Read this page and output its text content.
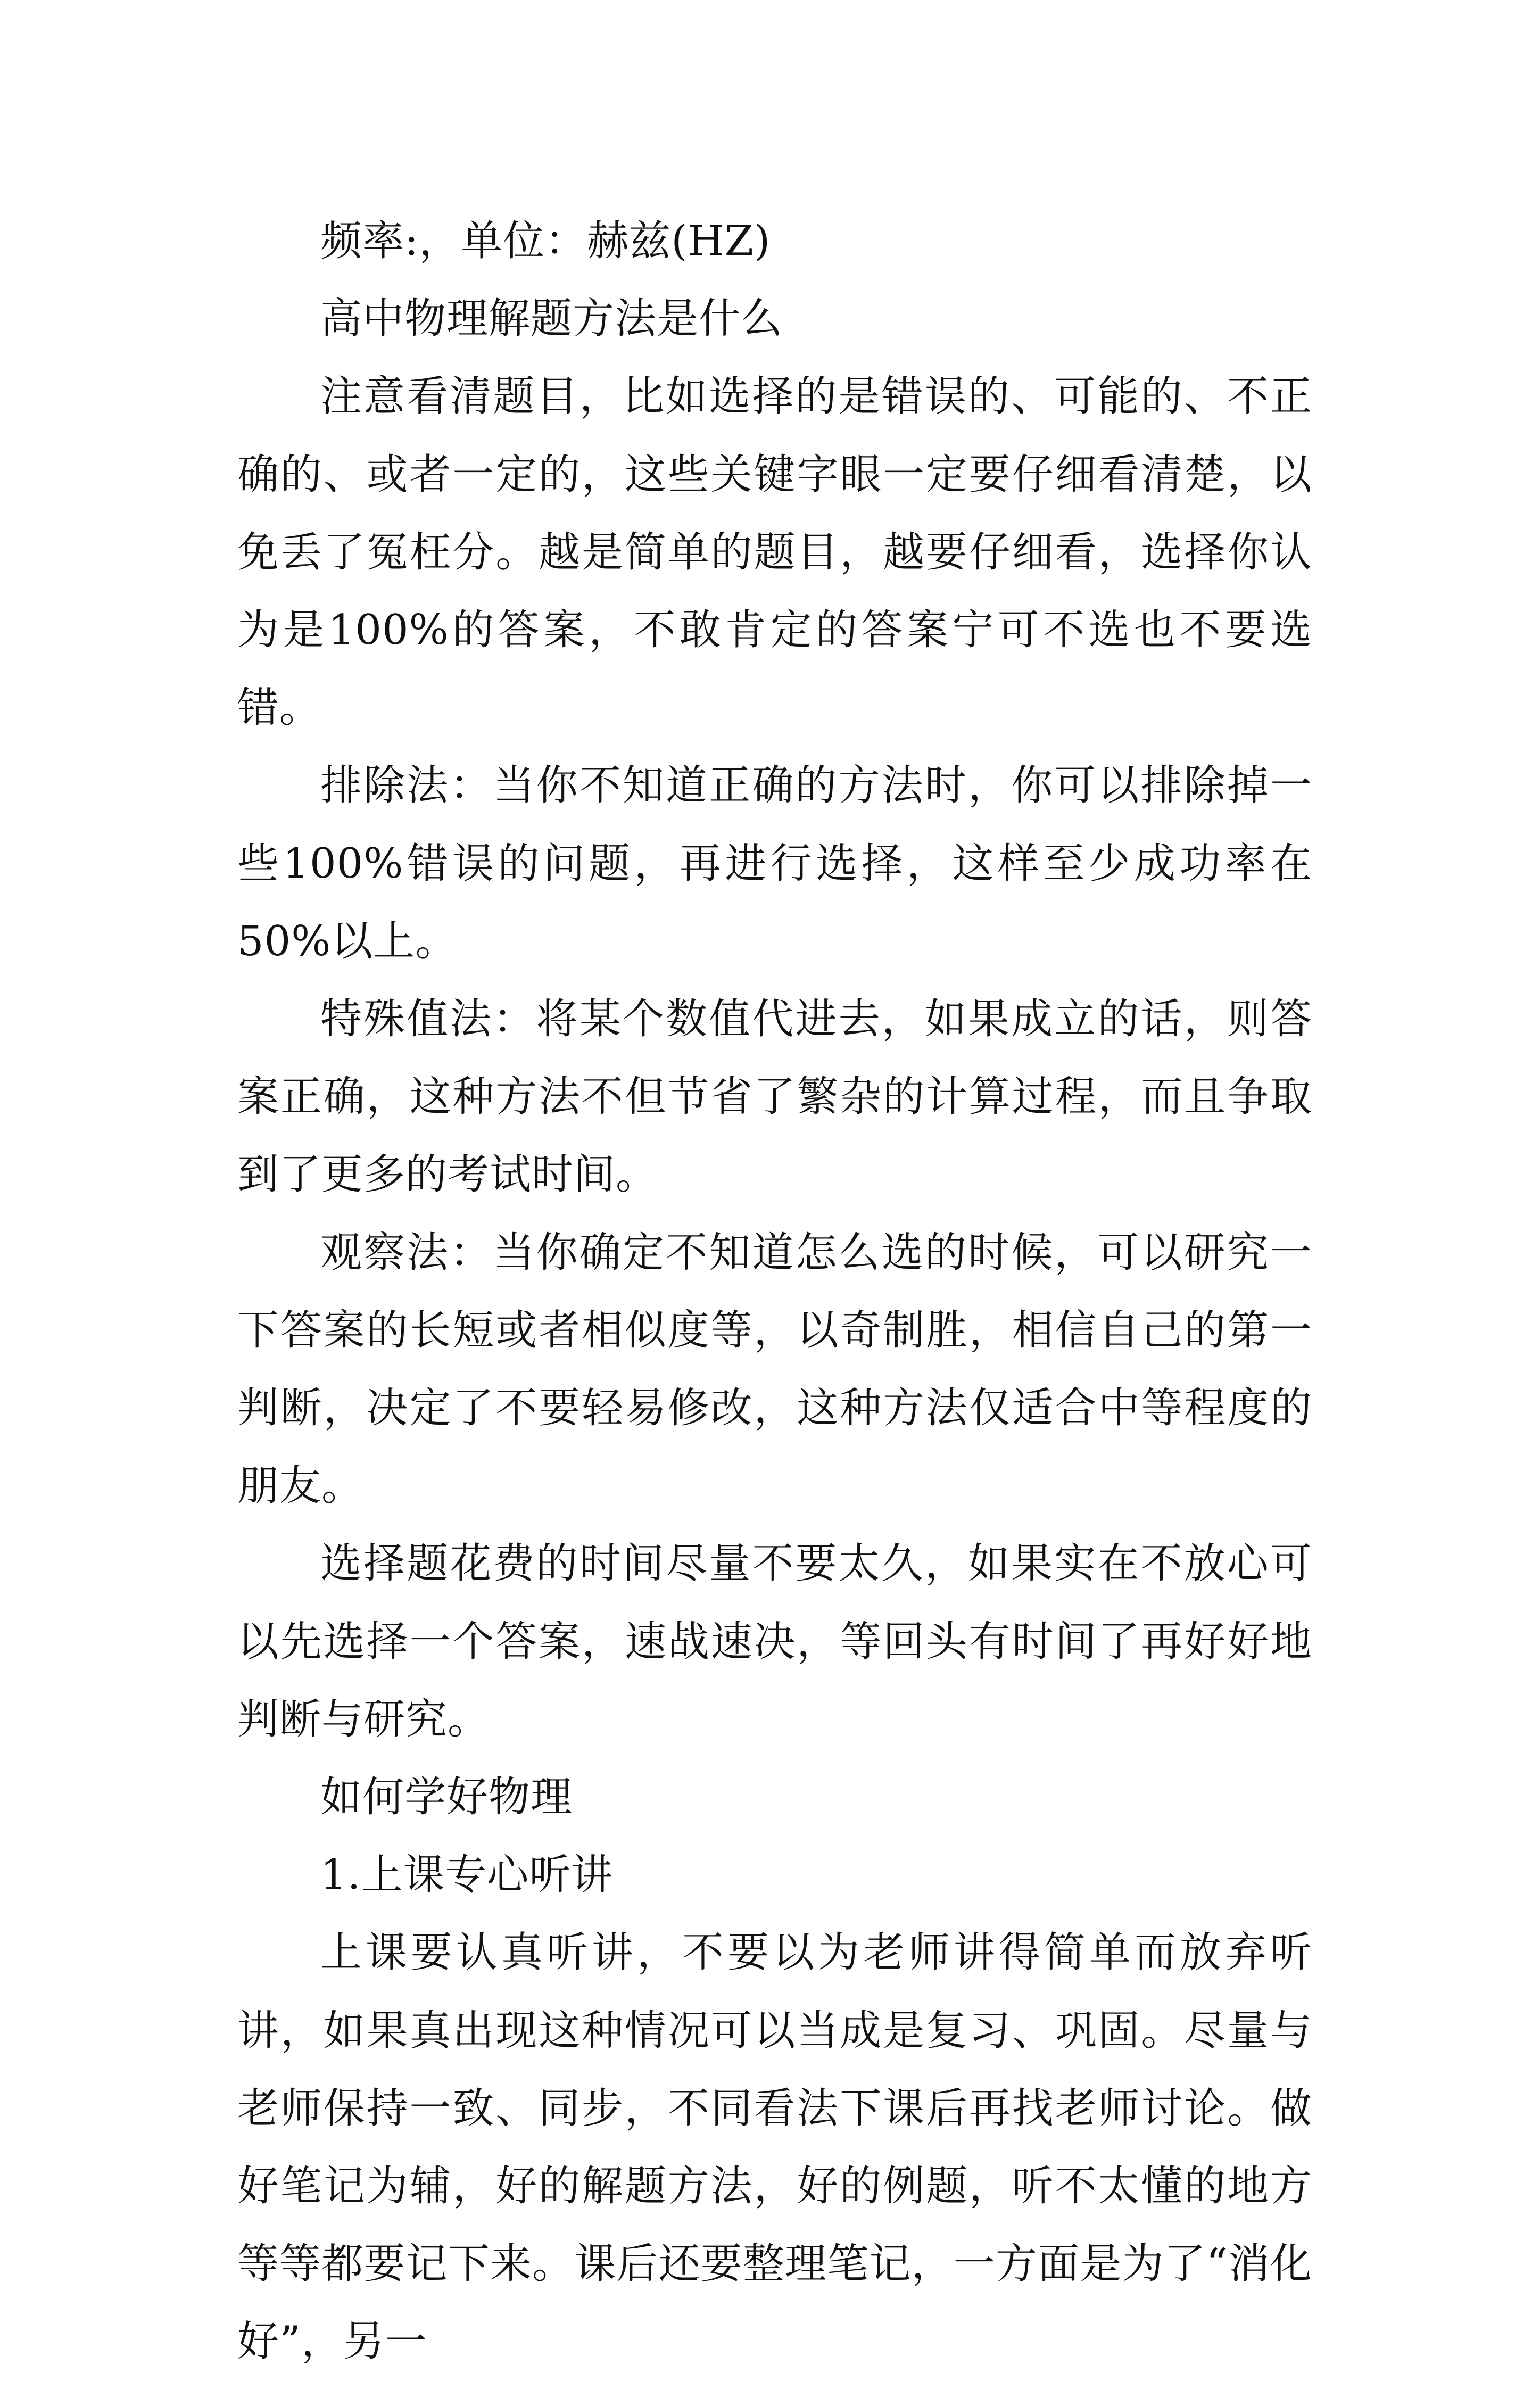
频率:，单位：赫兹(HZ)

高中物理解题方法是什么

注意看清题目，比如选择的是错误的、可能的、不正确的、或者一定的，这些关键字眼一定要仔细看清楚，以免丢了冤枉分。越是简单的题目，越要仔细看，选择你认为是100%的答案，不敢肯定的答案宁可不选也不要选错。

排除法：当你不知道正确的方法时，你可以排除掉一些100%错误的问题，再进行选择，这样至少成功率在50%以上。

特殊值法：将某个数值代进去，如果成立的话，则答案正确，这种方法不但节省了繁杂的计算过程，而且争取到了更多的考试时间。

观察法：当你确定不知道怎么选的时候，可以研究一下答案的长短或者相似度等，以奇制胜，相信自己的第一判断，决定了不要轻易修改，这种方法仅适合中等程度的朋友。

选择题花费的时间尽量不要太久，如果实在不放心可以先选择一个答案，速战速决，等回头有时间了再好好地判断与研究。

如何学好物理

1.上课专心听讲

上课要认真听讲，不要以为老师讲得简单而放弃听讲，如果真出现这种情况可以当成是复习、巩固。尽量与老师保持一致、同步，不同看法下课后再找老师讨论。做好笔记为辅，好的解题方法，好的例题，听不太懂的地方等等都要记下来。课后还要整理笔记，一方面是为了“消化好”，另一
